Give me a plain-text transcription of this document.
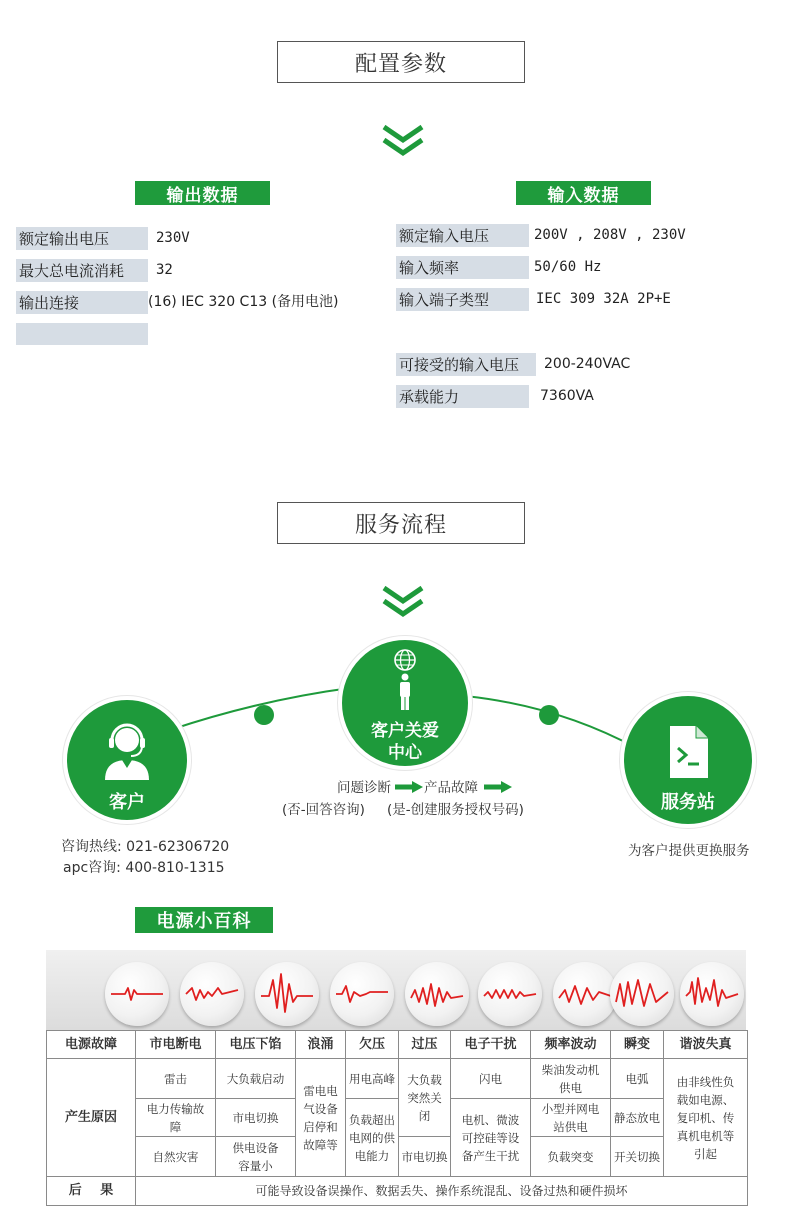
配置参数
输出数据	输入数据
额定输出电压	230V
最大总电流消耗	32
输出连接	(16) IEC 320 C13 (备用电池)
额定输入电压	200V , 208V , 230V
输入频率	50/60 Hz
输入端子类型	IEC 309 32A 2P+E
可接受的输入电压	200-240VAC
承载能力	7360VA
服务流程
客户关爱
中心
客户	服务站
问题诊断 产品故障
(否-回答咨询) (是-创建服务授权号码)
咨询热线: 021-62306720
apc咨询: 400-810-1315
为客户提供更换服务
电源小百科
电源故障	市电断电	电压下馅	浪涌	欠压	过压	电子干扰	频率波动	瞬变	谐波失真
产生原因	雷击	大负载启动	雷电电气设备启停和故障等	用电高峰	大负载突然关闭	闪电	柴油发动机供电	电弧	由非线性负载如电源、复印机、传真机电机等引起
	电力传输故障	市电切换		负载超出电网的供电能力		电机、微波可控硅等设备产生干扰	小型并网电站供电	静态放电	
	自然灾害	供电设备容量小			市电切换		负载突变	开关切换	
后 果	可能导致设备误操作、数据丢失、操作系统混乱、设备过热和硬件损坏								
